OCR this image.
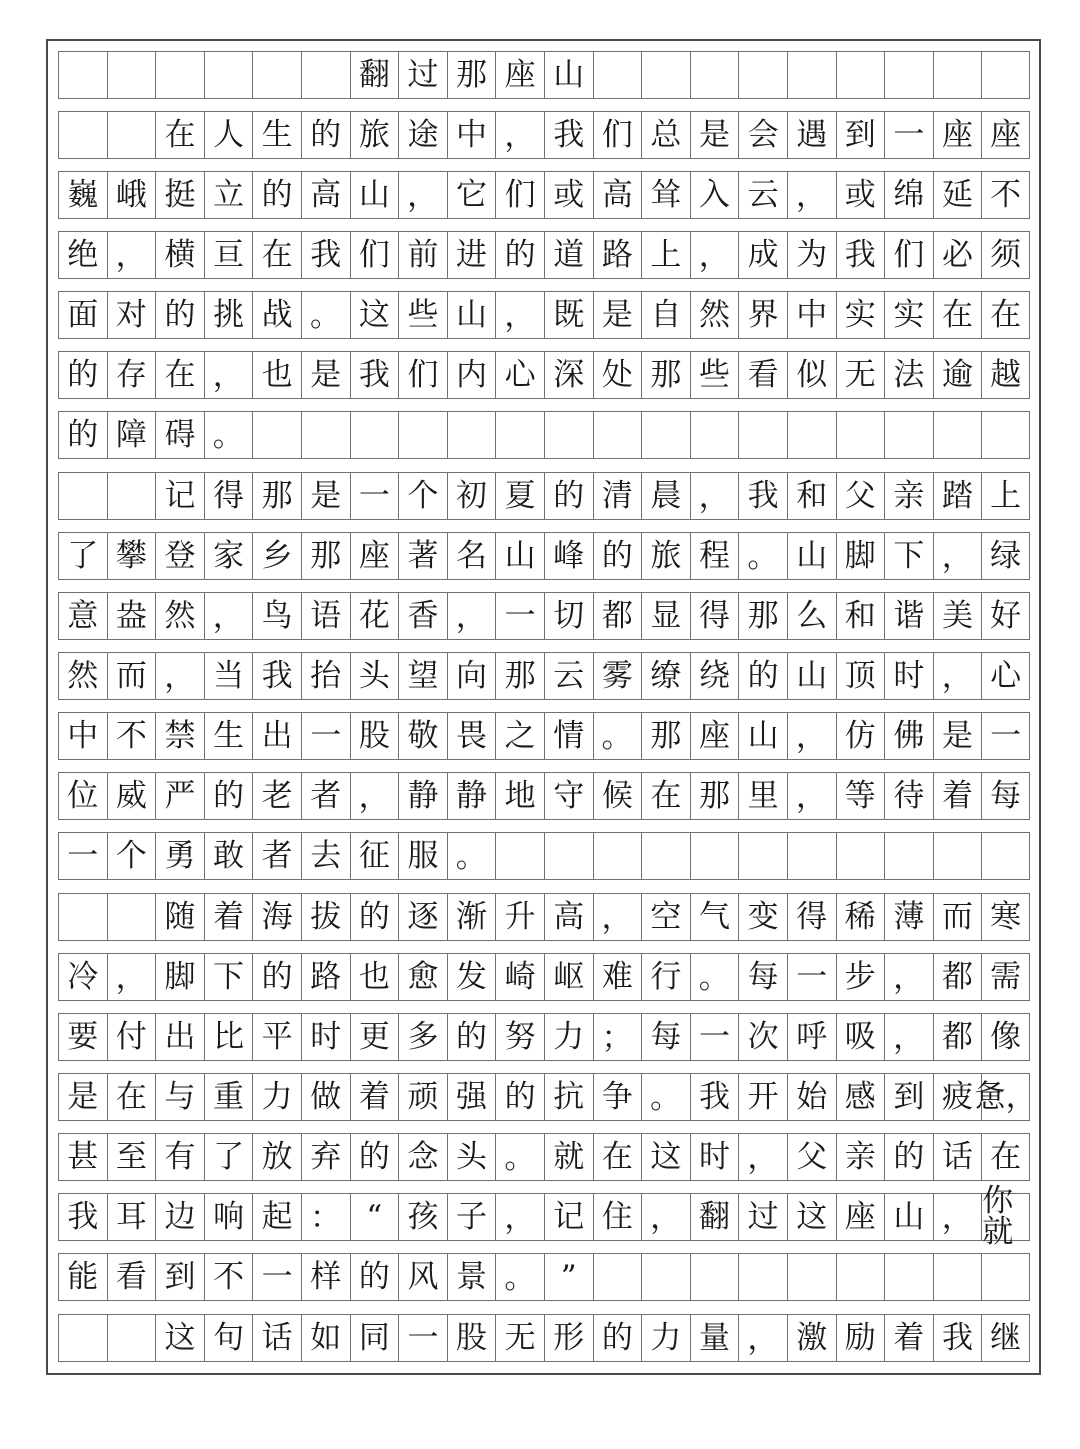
翻 过 那 座 山
在 人 生 的 旅 途 中 ， 我 们 总 是 会 遇 到 一 座 座
巍 峨 挺 立 的 高 山 ， 它 们 或 高 耸 入 云 ， 或 绵 延 不
绝 ， 横 亘 在 我 们 前 进 的 道 路 上 ， 成 为 我 们 必 须
面 对 的 挑 战 。 这 些 山 ， 既 是 自 然 界 中 实 实 在 在
的 存 在 ， 也 是 我 们 内 心 深 处 那 些 看 似 无 法 逾 越
的 障 碍 。
记 得 那 是 一 个 初 夏 的 清 晨 ， 我 和 父 亲 踏 上
了 攀 登 家 乡 那 座 著 名 山 峰 的 旅 程 。 山 脚 下 ， 绿
意 盎 然 ， 鸟 语 花 香 ， 一 切 都 显 得 那 么 和 谐 美 好
然 而 ， 当 我 抬 头 望 向 那 云 雾 缭 绕 的 山 顶 时 ， 心
中 不 禁 生 出 一 股 敬 畏 之 情 。 那 座 山 ， 仿 佛 是 一
位 威 严 的 老 者 ， 静 静 地 守 候 在 那 里 ， 等 待 着 每
一 个 勇 敢 者 去 征 服 。
随 着 海 拔 的 逐 渐 升 高 ， 空 气 变 得 稀 薄 而 寒
冷 ， 脚 下 的 路 也 愈 发 崎 岖 难 行 。 每 一 步 ， 都 需
要 付 出 比 平 时 更 多 的 努 力 ； 每 一 次 呼 吸 ， 都 像
是 在 与 重 力 做 着 顽 强 的 抗 争 。 我 开 始 感 到 疲 惫，
甚 至 有 了 放 弃 的 念 头 。 就 在 这 时 ， 父 亲 的 话 在
我 耳 边 响 起 ： “ 孩 子 ， 记 住 ， 翻 过 这 座 山 ， 你就
能 看 到 不 一 样 的 风 景 。 ”
这 句 话 如 同 一 股 无 形 的 力 量 ， 激 励 着 我 继
